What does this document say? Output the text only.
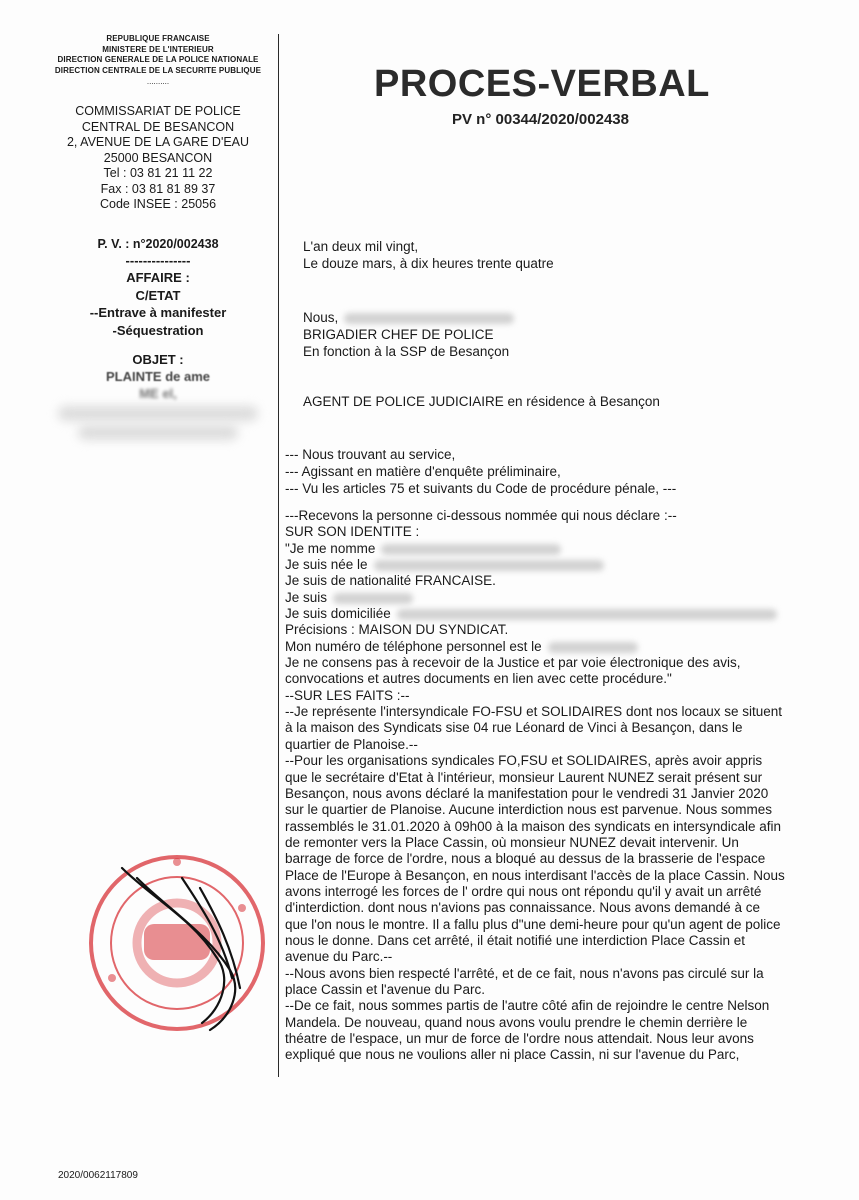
REPUBLIQUE FRANCAISE
MINISTERE DE L'INTERIEUR
DIRECTION GENERALE DE LA POLICE NATIONALE
DIRECTION CENTRALE DE LA SECURITE PUBLIQUE
..........
COMMISSARIAT DE POLICE
CENTRAL DE BESANCON
2, AVENUE DE LA GARE D'EAU
25000 BESANCON
Tel : 03 81 21 11 22
Fax : 03 81 81 89 37
Code INSEE : 25056
P. V. : n°2020/002438
---------------
AFFAIRE :
C/ETAT
--Entrave à manifester
-Séquestration
OBJET :
PLAINTE de ame
ME el,
PROCES-VERBAL
PV n° 00344/2020/002438
L'an deux mil vingt,
Le douze mars, à dix heures trente quatre
Nous,
BRIGADIER CHEF DE POLICE
En fonction à la SSP de Besançon
AGENT DE POLICE JUDICIAIRE en résidence à Besançon
--- Nous trouvant au service,
--- Agissant en matière d'enquête préliminaire,
--- Vu les articles 75 et suivants du Code de procédure pénale, ---

---Recevons la personne ci-dessous nommée qui nous déclare :--

SUR SON IDENTITE :

"Je me nomme

Je suis née le

Je suis de nationalité FRANCAISE.

Je suis

Je suis domiciliée

Précisions : MAISON DU SYNDICAT.

Mon numéro de téléphone personnel est le

Je ne consens pas à recevoir de la Justice et par voie électronique des avis,

convocations et autres documents en lien avec cette procédure."

--SUR LES FAITS :--

--Je représente l'intersyndicale FO-FSU et SOLIDAIRES dont nos locaux se situent

à la maison des Syndicats sise 04 rue Léonard de Vinci à Besançon, dans le

quartier de Planoise.--

--Pour les organisations syndicales FO,FSU et SOLIDAIRES, après avoir appris

que le secrétaire d'Etat à l'intérieur, monsieur Laurent NUNEZ serait présent sur

Besançon, nous avons déclaré la manifestation pour le vendredi 31 Janvier 2020

sur le quartier de Planoise. Aucune interdiction nous est parvenue. Nous sommes

rassemblés le 31.01.2020 à 09h00 à la maison des syndicats en intersyndicale afin

de remonter vers la Place Cassin, où monsieur NUNEZ devait intervenir. Un

barrage de force de l'ordre, nous a bloqué au dessus de la brasserie de l'espace

Place de l'Europe à Besançon, en nous interdisant l'accès de la place Cassin. Nous

avons interrogé les forces de l' ordre qui nous ont répondu qu'il y avait un arrêté

d'interdiction. dont nous n'avions pas connaissance. Nous avons demandé à ce

que l'on nous le montre. Il a fallu plus d"une demi-heure pour qu'un agent de police

nous le donne. Dans cet arrêté, il était notifié une interdiction Place Cassin et

avenue du Parc.--

--Nous avons bien respecté l'arrêté, et de ce fait, nous n'avons pas circulé sur la

place Cassin et l'avenue du Parc.

--De ce fait, nous sommes partis de l'autre côté afin de rejoindre le centre Nelson

Mandela. De nouveau, quand nous avons voulu prendre le chemin derrière le

théatre de l'espace, un mur de force de l'ordre nous attendait. Nous leur avons

expliqué que nous ne voulions aller ni place Cassin, ni sur l'avenue du Parc,

2020/0062117809
